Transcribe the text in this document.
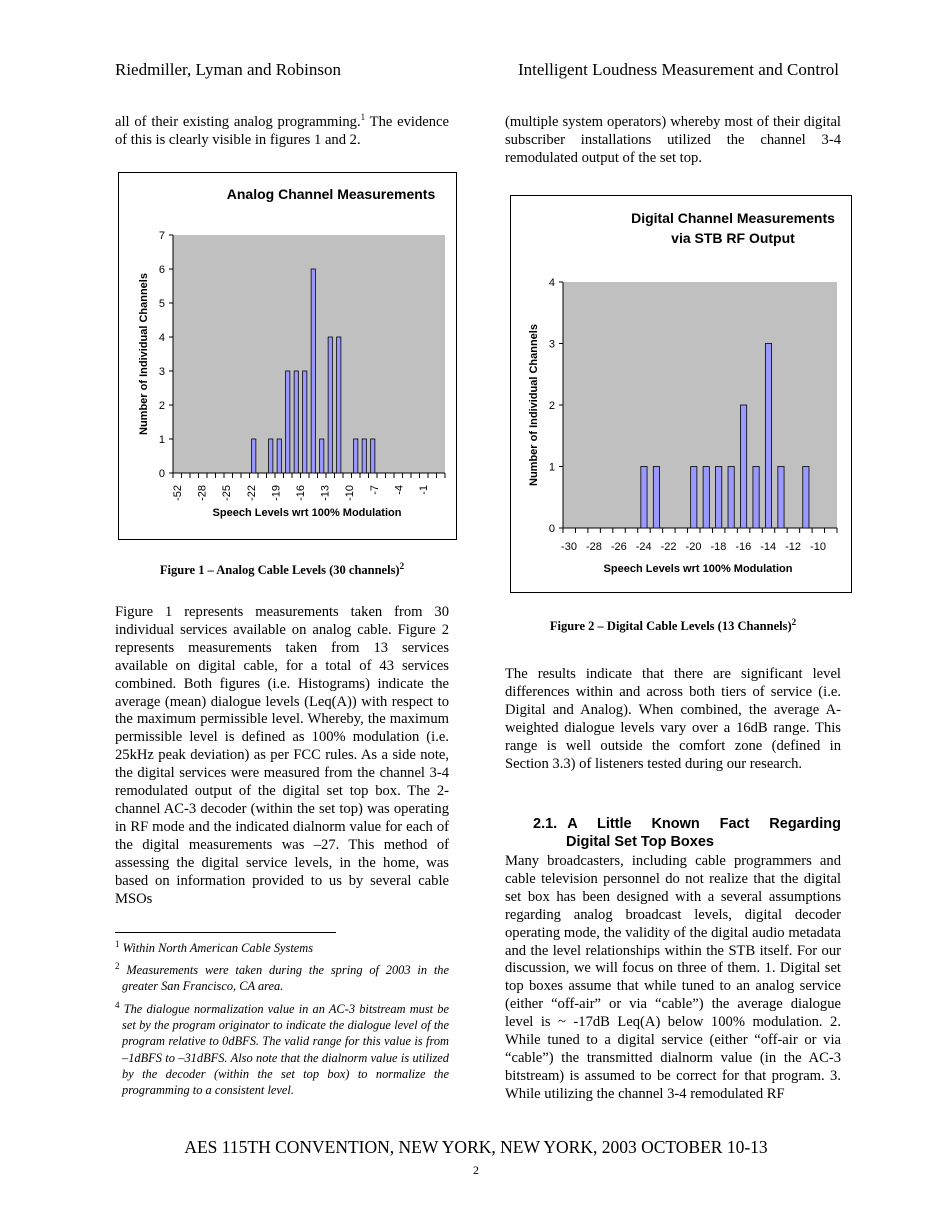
Riedmiller, Lyman and Robinson	Intelligent Loudness Measurement and Control

all of their existing analog programming.$^1$ The evidence of this is clearly visible in figures 1 and 2.

Analog Channel Measurements
0
1
2
3
4
5
6
7
-52 -28 -25 -22 -19 -16 -13 -10 -7 -4 -1
Speech Levels wrt 100% Modulation
Number of Individual Channels
Figure 1 – Analog Cable Levels (30 channels)$^2$

Figure 1 represents measurements taken from 30 individual services available on analog cable. Figure 2 represents measurements taken from 13 services available on digital cable, for a total of 43 services combined. Both figures (i.e. Histograms) indicate the average (mean) dialogue levels (Leq(A)) with respect to the maximum permissible level. Whereby, the maximum permissible level is defined as 100% modulation (i.e. 25kHz peak deviation) as per FCC rules. As a side note, the digital services were measured from the channel 3-4 remodulated output of the digital set top box. The 2-channel AC-3 decoder (within the set top) was operating in RF mode and the indicated dialnorm value for each of the digital measurements was –27. This method of assessing the digital service levels, in the home, was based on information provided to us by several cable MSOs

$^1$ Within North American Cable Systems
$^2$ Measurements were taken during the spring of 2003 in the greater San Francisco, CA area.
$^4$ The dialogue normalization value in an AC-3 bitstream must be set by the program originator to indicate the dialogue level of the program relative to 0dBFS. The valid range for this value is from –1dBFS to –31dBFS. Also note that the dialnorm value is utilized by the decoder (within the set top box) to normalize the programming to a consistent level.

(multiple system operators) whereby most of their digital subscriber installations utilized the channel 3-4 remodulated output of the set top.

Digital Channel Measurements
via STB RF Output
0
1
2
3
4
-30 -28 -26 -24 -22 -20 -18 -16 -14 -12 -10
Speech Levels wrt 100% Modulation
Number of Individual Channels
Figure 2 – Digital Cable Levels (13 Channels)$^2$

The results indicate that there are significant level differences within and across both tiers of service (i.e. Digital and Analog). When combined, the average A-weighted dialogue levels vary over a 16dB range. This range is well outside the comfort zone (defined in Section 3.3) of listeners tested during our research.

2.1. A Little Known Fact Regarding
Digital Set Top Boxes

Many broadcasters, including cable programmers and cable television personnel do not realize that the digital set box has been designed with a several assumptions regarding analog broadcast levels, digital decoder operating mode, the validity of the digital audio metadata and the level relationships within the STB itself. For our discussion, we will focus on three of them. 1. Digital set top boxes assume that while tuned to an analog service (either “off-air” or via “cable”) the average dialogue level is ~ -17dB Leq(A) below 100% modulation. 2. While tuned to a digital service (either “off-air or via “cable”) the transmitted dialnorm value (in the AC-3 bitstream) is assumed to be correct for that program. 3. While utilizing the channel 3-4 remodulated RF

AES 115TH CONVENTION, NEW YORK, NEW YORK, 2003 OCTOBER 10-13
2
